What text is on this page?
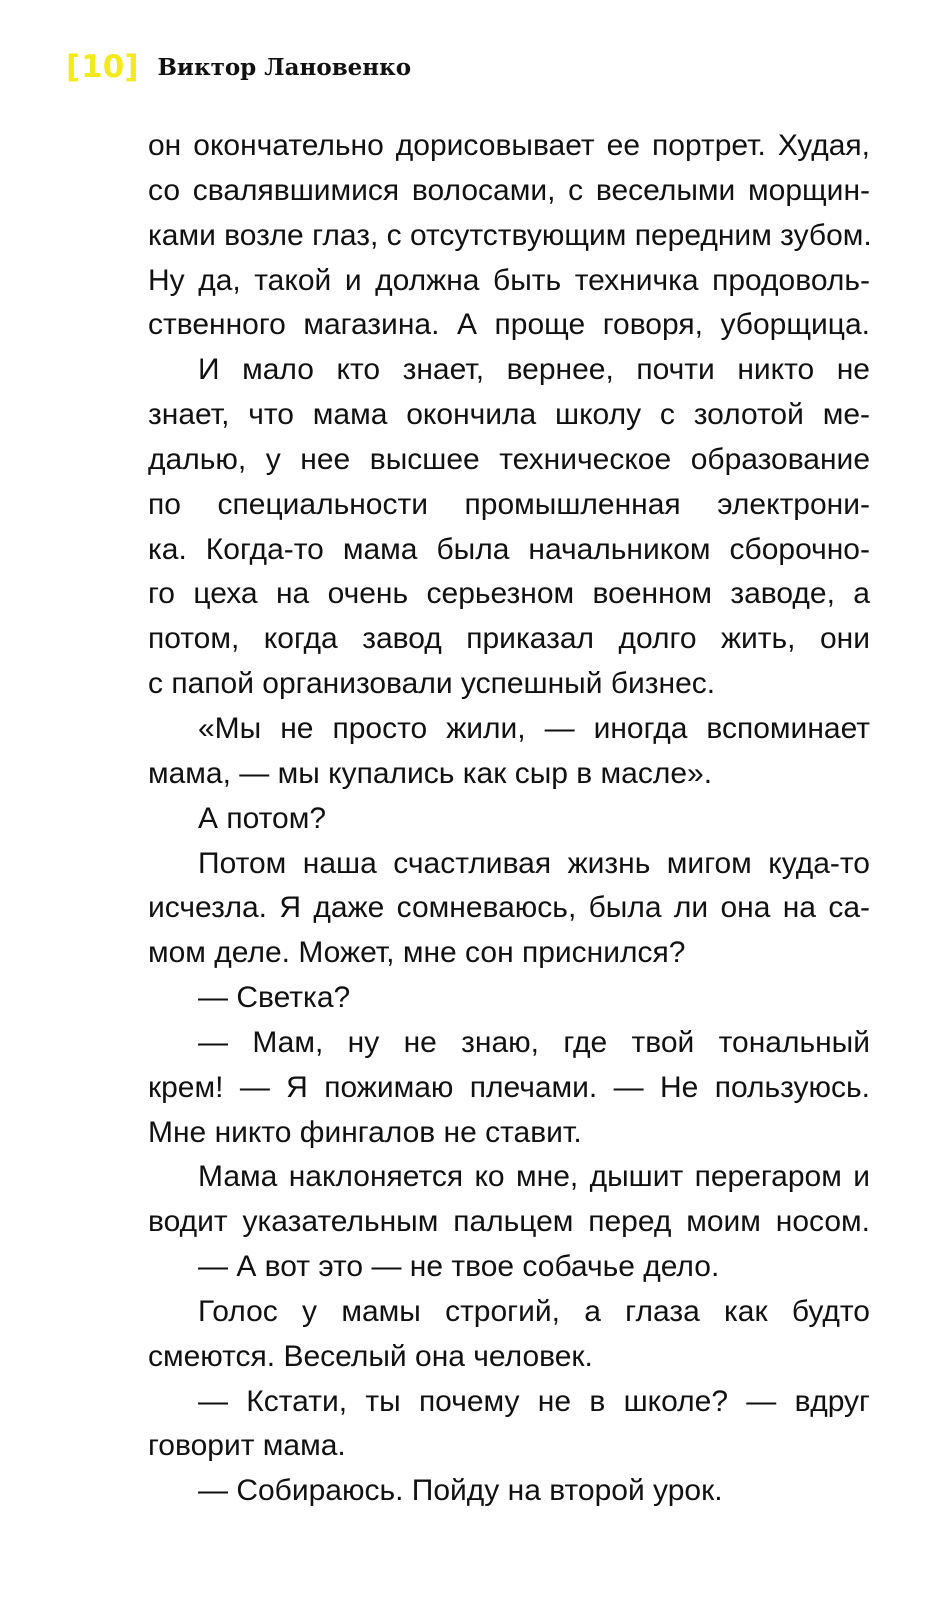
[10] Виктор Лановенко
он окончательно дорисовывает ее портрет. Худая,
со свалявшимися волосами, с веселыми морщин-
ками возле глаз, с отсутствующим передним зубом.
Ну да, такой и должна быть техничка продоволь-
ственного магазина. А проще говоря, уборщица.
И мало кто знает, вернее, почти никто не
знает, что мама окончила школу с золотой ме-
далью, у нее высшее техническое образование
по специальности промышленная электрони-
ка. Когда-то мама была начальником сборочно-
го цеха на очень серьезном военном заводе, а
потом, когда завод приказал долго жить, они
с папой организовали успешный бизнес.
«Мы не просто жили, — иногда вспоминает
мама, — мы купались как сыр в масле».
А потом?
Потом наша счастливая жизнь мигом куда-то
исчезла. Я даже сомневаюсь, была ли она на са-
мом деле. Может, мне сон приснился?
— Светка?
— Мам, ну не знаю, где твой тональный
крем! — Я пожимаю плечами. — Не пользуюсь.
Мне никто фингалов не ставит.
Мама наклоняется ко мне, дышит перегаром и
водит указательным пальцем перед моим носом.
— А вот это — не твое собачье дело.
Голос у мамы строгий, а глаза как будто
смеются. Веселый она человек.
— Кстати, ты почему не в школе? — вдруг
говорит мама.
— Собираюсь. Пойду на второй урок.
